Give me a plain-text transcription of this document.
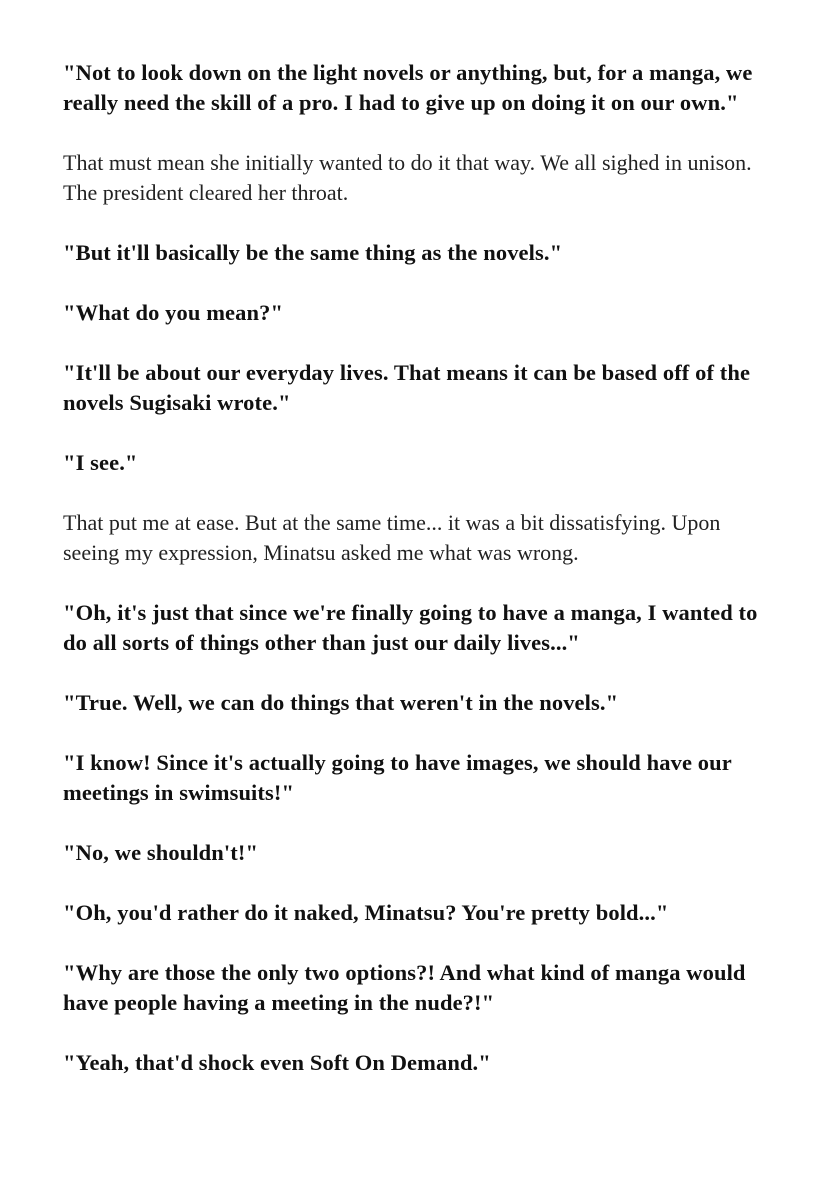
"Not to look down on the light novels or anything, but, for a manga, we really need the skill of a pro. I had to give up on doing it on our own."

That must mean she initially wanted to do it that way. We all sighed in unison. The president cleared her throat.

"But it'll basically be the same thing as the novels."

"What do you mean?"

"It'll be about our everyday lives. That means it can be based off of the novels Sugisaki wrote."

"I see."

That put me at ease. But at the same time... it was a bit dissatisfying. Upon seeing my expression, Minatsu asked me what was wrong.

"Oh, it's just that since we're finally going to have a manga, I wanted to do all sorts of things other than just our daily lives..."

"True. Well, we can do things that weren't in the novels."

"I know! Since it's actually going to have images, we should have our meetings in swimsuits!"

"No, we shouldn't!"

"Oh, you'd rather do it naked, Minatsu? You're pretty bold..."

"Why are those the only two options?! And what kind of manga would have people having a meeting in the nude?!"

"Yeah, that'd shock even Soft On Demand."
